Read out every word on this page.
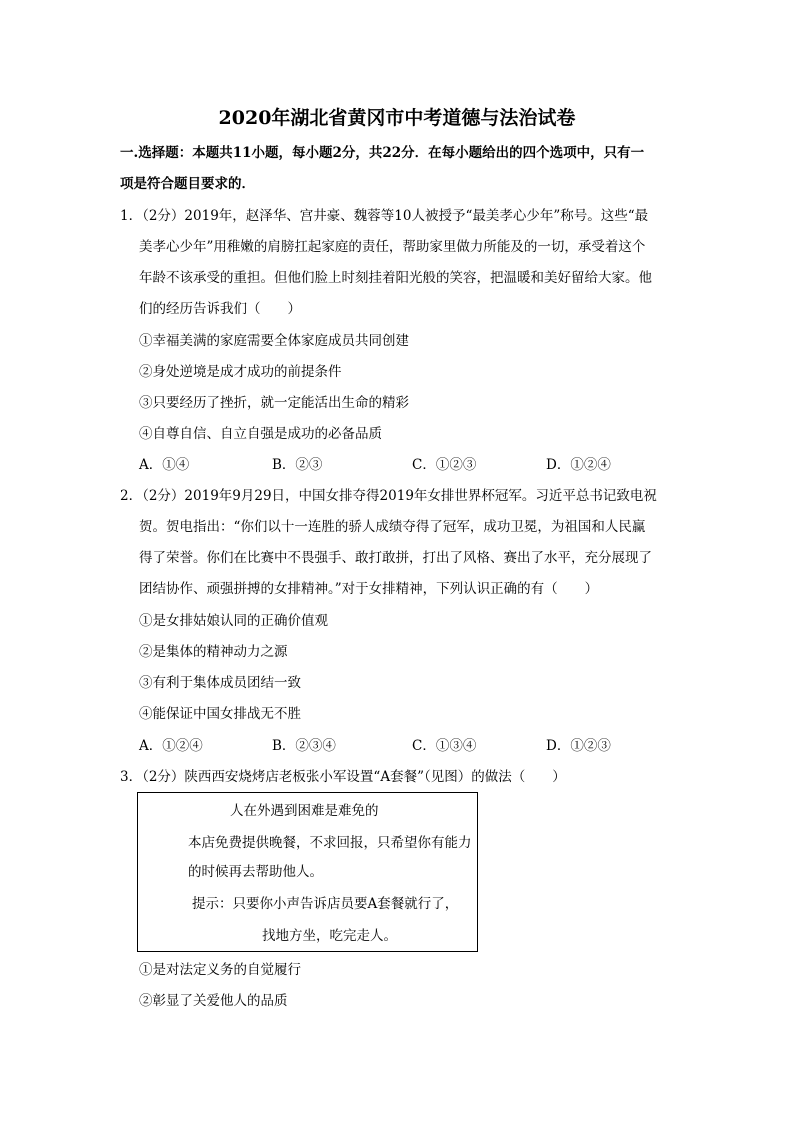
2020年湖北省黄冈市中考道德与法治试卷

一.选择题：本题共11小题，每小题2分，共22分．在每小题给出的四个选项中，只有一

项是符合题目要求的．

1．（2分）2019年，赵泽华、宫井豪、魏蓉等10人被授予“最美孝心少年”称号。这些“最
美孝心少年”用稚嫩的肩膀扛起家庭的责任，帮助家里做力所能及的一切，承受着这个
年龄不该承受的重担。但他们脸上时刻挂着阳光般的笑容，把温暖和美好留给大家。他
们的经历告诉我们（　　）
①幸福美满的家庭需要全体家庭成员共同创建
②身处逆境是成才成功的前提条件
③只要经历了挫折，就一定能活出生命的精彩
④自尊自信、自立自强是成功的必备品质
A．①④	B．②③	C．①②③	D．①②④
2．（2分）2019年9月29日，中国女排夺得2019年女排世界杯冠军。习近平总书记致电祝
贺。贺电指出：“你们以十一连胜的骄人成绩夺得了冠军，成功卫冕，为祖国和人民赢
得了荣誉。你们在比赛中不畏强手、敢打敢拼，打出了风格、赛出了水平，充分展现了
团结协作、顽强拼搏的女排精神。”对于女排精神，下列认识正确的有（　　）
①是女排姑娘认同的正确价值观
②是集体的精神动力之源
③有利于集体成员团结一致
④能保证中国女排战无不胜
A．①②④	B．②③④	C．①③④	D．①②③
3．（2分）陕西西安烧烤店老板张小军设置“A套餐”（见图）的做法（　　）
人在外遇到困难是难免的
本店免费提供晚餐，不求回报，只希望你有能力
的时候再去帮助他人。
提示：只要你小声告诉店员要A套餐就行了，
找地方坐，吃完走人。
①是对法定义务的自觉履行
②彰显了关爱他人的品质
